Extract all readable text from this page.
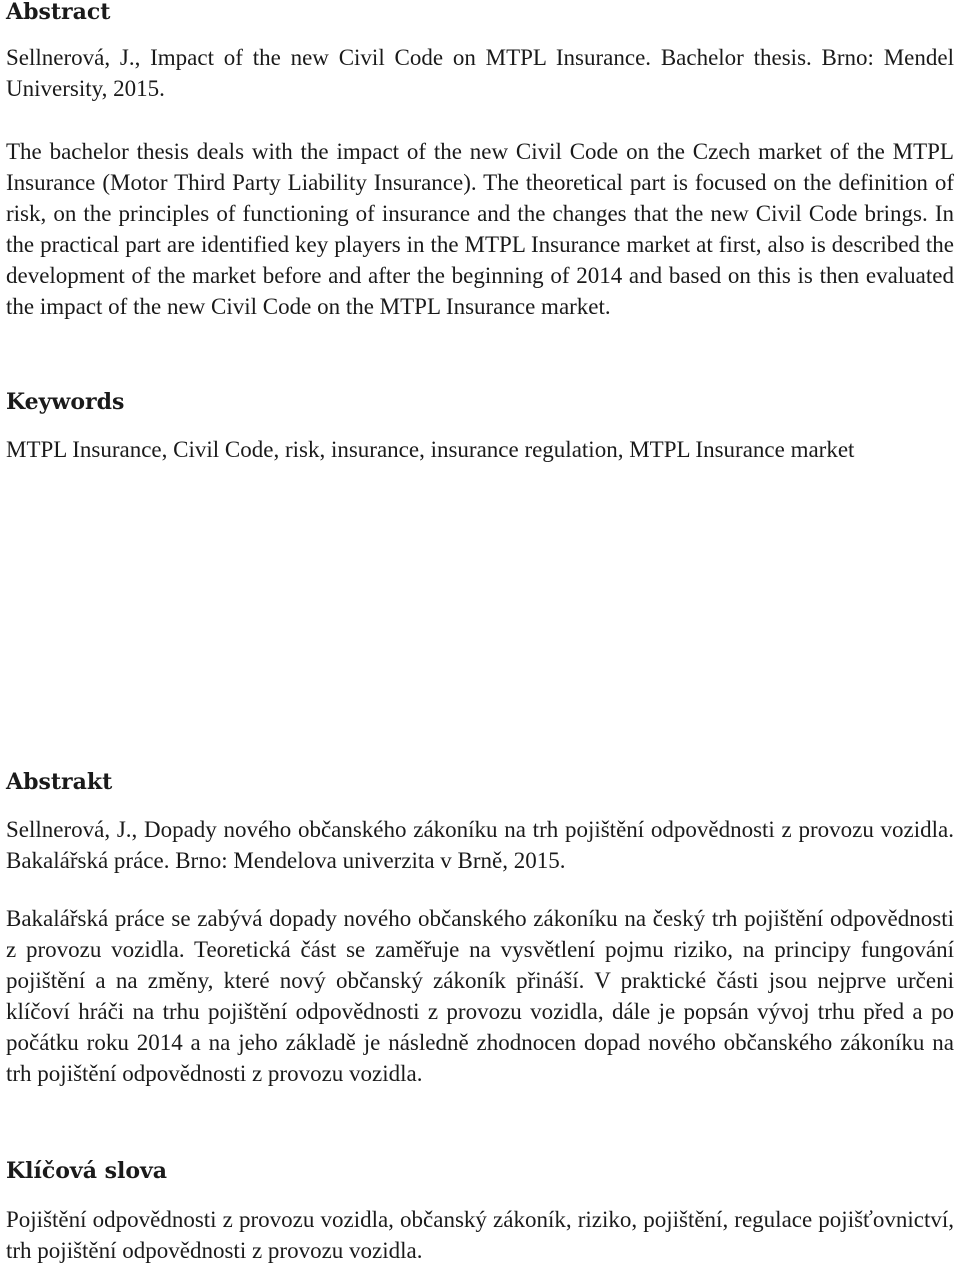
Abstract

Sellnerová, J., Impact of the new Civil Code on MTPL Insurance. Bachelor thesis. Brno: Mendel University, 2015.

The bachelor thesis deals with the impact of the new Civil Code on the Czech market of the MTPL Insurance (Motor Third Party Liability Insurance). The theoretical part is focused on the definition of risk, on the principles of functioning of insurance and the changes that the new Civil Code brings. In the practical part are identified key players in the MTPL Insurance market at first, also is described the development of the market before and after the beginning of 2014 and based on this is then evaluated the impact of the new Civil Code on the MTPL Insurance market.

Keywords

MTPL Insurance, Civil Code, risk, insurance, insurance regulation, MTPL Insurance market

Abstrakt

Sellnerová, J., Dopady nového občanského zákoníku na trh pojištění odpovědnosti z provozu vozidla. Bakalářská práce. Brno: Mendelova univerzita v Brně, 2015.

Bakalářská práce se zabývá dopady nového občanského zákoníku na český trh pojištění odpovědnosti z provozu vozidla. Teoretická část se zaměřuje na vysvětlení pojmu riziko, na principy fungování pojištění a na změny, které nový občanský zákoník přináší. V praktické části jsou nejprve určeni klíčoví hráči na trhu pojištění odpovědnosti z provozu vozidla, dále je popsán vývoj trhu před a po počátku roku 2014 a na jeho základě je následně zhodnocen dopad nového občanského zákoníku na trh pojištění odpovědnosti z provozu vozidla.

Klíčová slova

Pojištění odpovědnosti z provozu vozidla, občanský zákoník, riziko, pojištění, regulace pojišťovnictví, trh pojištění odpovědnosti z provozu vozidla.
